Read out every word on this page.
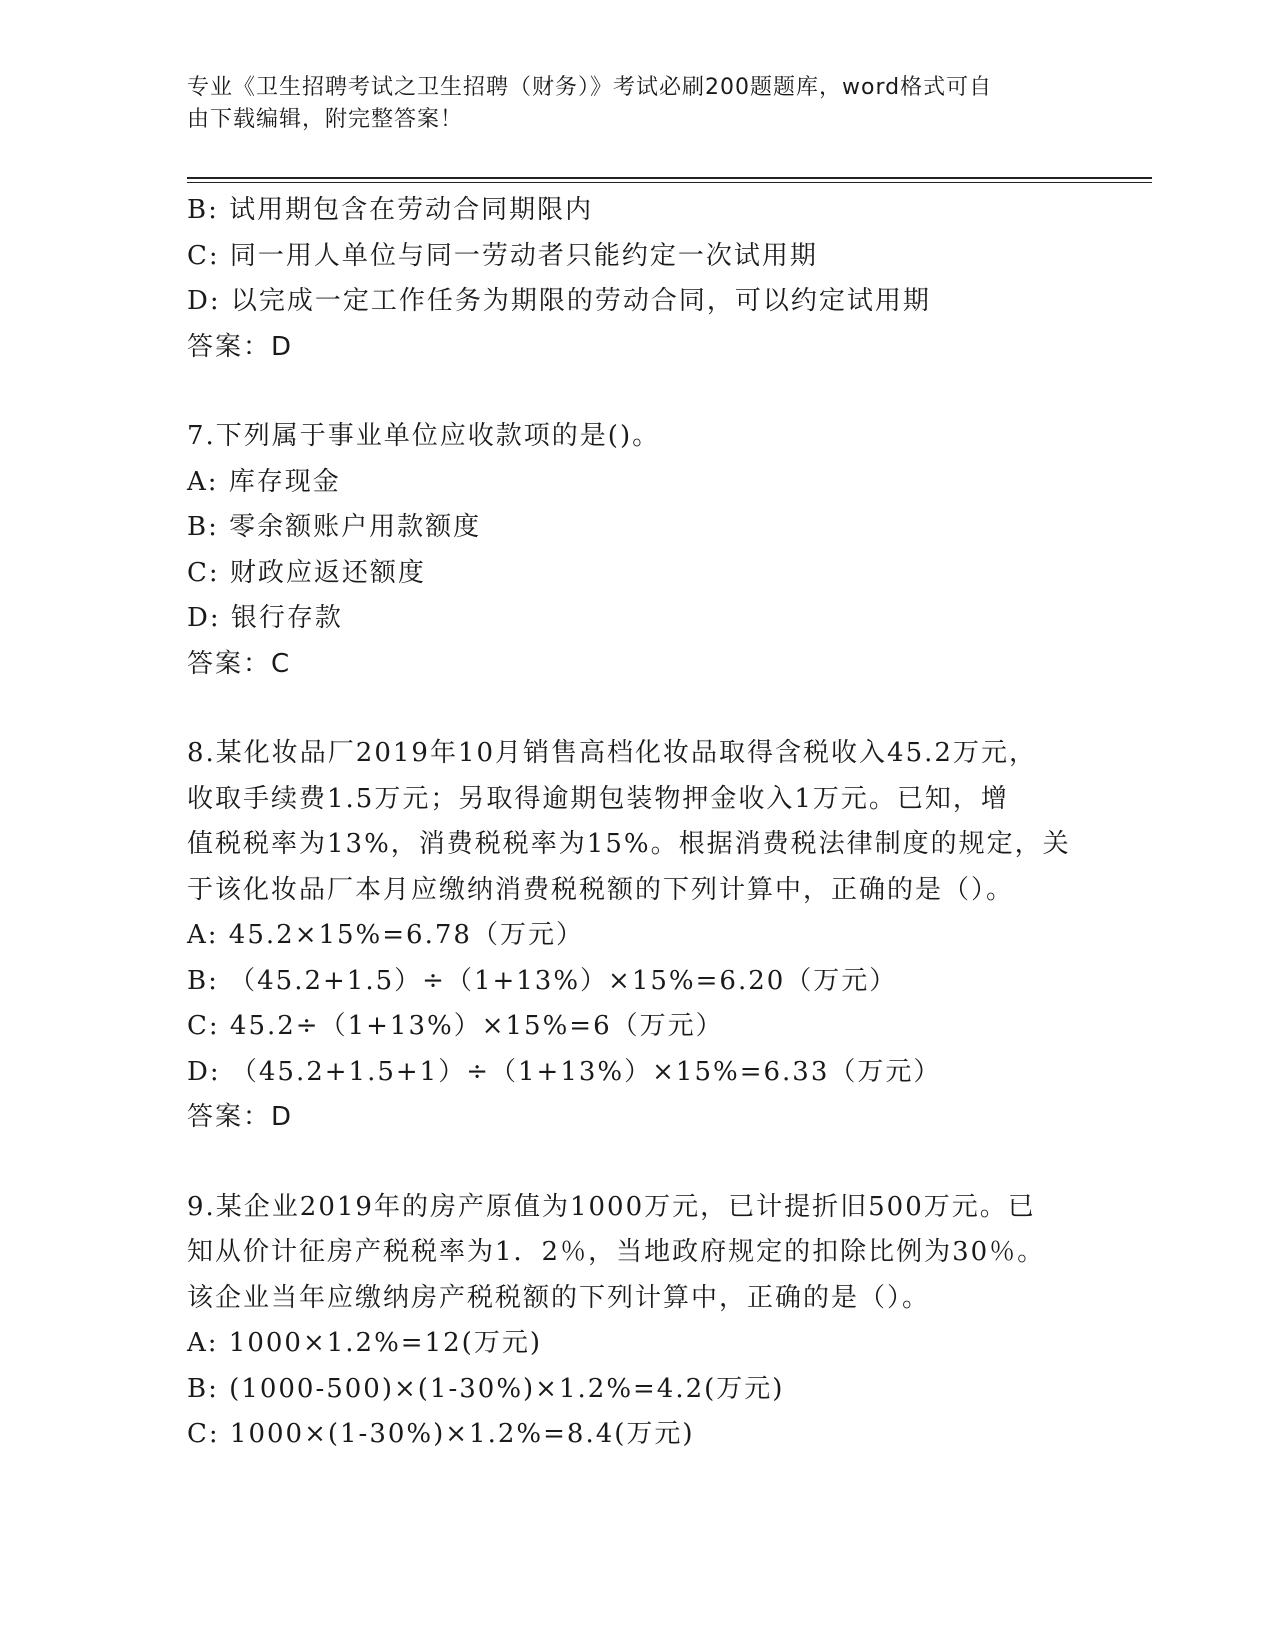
专业《卫生招聘考试之卫生招聘（财务）》考试必刷200题题库，word格式可自
由下载编辑，附完整答案！
B: 试用期包含在劳动合同期限内
C: 同一用人单位与同一劳动者只能约定一次试用期
D: 以完成一定工作任务为期限的劳动合同，可以约定试用期
答案：D
7.下列属于事业单位应收款项的是()。
A: 库存现金
B: 零余额账户用款额度
C: 财政应返还额度
D: 银行存款
答案：C
8.某化妆品厂2019年10月销售高档化妆品取得含税收入45.2万元，
收取手续费1.5万元；另取得逾期包装物押金收入1万元。已知，增
值税税率为13%，消费税税率为15%。根据消费税法律制度的规定，关
于该化妆品厂本月应缴纳消费税税额的下列计算中，正确的是（）。
A: 45.2×15%=6.78（万元）
B: （45.2+1.5）÷（1+13%）×15%=6.20（万元）
C: 45.2÷（1+13%）×15%=6（万元）
D: （45.2+1.5+1）÷（1+13%）×15%=6.33（万元）
答案：D
9.某企业2019年的房产原值为1000万元，已计提折旧500万元。已
知从价计征房产税税率为1．2％，当地政府规定的扣除比例为30％。
该企业当年应缴纳房产税税额的下列计算中，正确的是（）。
A: 1000×1.2%=12(万元)
B: (1000-500)×(1-30%)×1.2%=4.2(万元)
C: 1000×(1-30%)×1.2%=8.4(万元)
